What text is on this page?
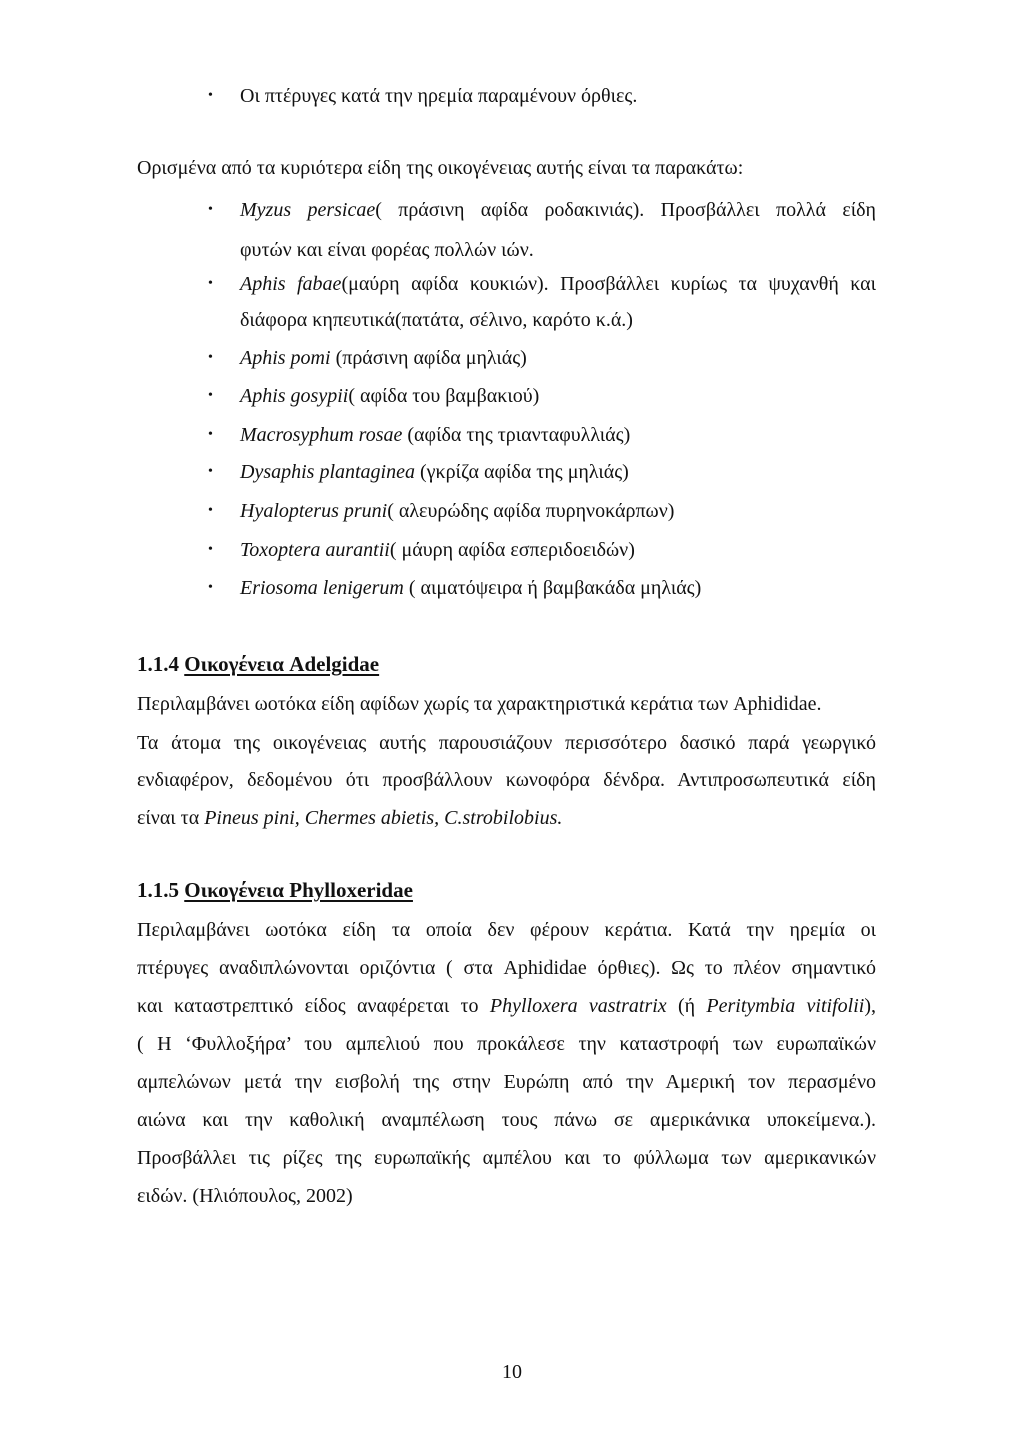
• Οι πτέρυγες κατά την ηρεμία παραμένουν όρθιες.
Ορισμένα από τα κυριότερα είδη της οικογένειας αυτής είναι τα παρακάτω:
• Myzus persicae( πράσινη αφίδα ροδακινιάς). Προσβάλλει πολλά είδη
φυτών και είναι φορέας πολλών ιών.
• Aphis fabae(μαύρη αφίδα κουκιών). Προσβάλλει κυρίως τα ψυχανθή και
διάφορα κηπευτικά(πατάτα, σέλινο, καρότο κ.ά.)
• Aphis pomi (πράσινη αφίδα μηλιάς)
• Aphis gosypii( αφίδα του βαμβακιού)
• Macrosyphum rosae (αφίδα της τριανταφυλλιάς)
• Dysaphis plantaginea (γκρίζα αφίδα της μηλιάς)
• Hyalopterus pruni( αλευρώδης αφίδα πυρηνοκάρπων)
• Toxoptera aurantii( μάυρη αφίδα εσπεριδοειδών)
• Eriosoma lenigerum ( αιματόψειρα ή βαμβακάδα μηλιάς)
1.1.4 Οικογένεια Adelgidae
Περιλαμβάνει ωοτόκα είδη αφίδων χωρίς τα χαρακτηριστικά κεράτια των Aphididae.
Τα άτομα της οικογένειας αυτής παρουσιάζουν περισσότερο δασικό παρά γεωργικό
ενδιαφέρον, δεδομένου ότι προσβάλλουν κωνοφόρα δένδρα. Αντιπροσωπευτικά είδη
είναι τα Pineus pini, Chermes abietis, C.strobilobius.
1.1.5 Οικογένεια Phylloxeridae
Περιλαμβάνει ωοτόκα είδη τα οποία δεν φέρουν κεράτια. Κατά την ηρεμία οι
πτέρυγες αναδιπλώνονται οριζόντια ( στα Aphididae όρθιες). Ως το πλέον σημαντικό
και καταστρεπτικό είδος αναφέρεται το Phylloxera vastratrix (ή Peritymbia vitifolii),
( Η ‘Φυλλοξήρα’ του αμπελιού που προκάλεσε την καταστροφή των ευρωπαϊκών
αμπελώνων μετά την εισβολή της στην Ευρώπη από την Αμερική τον περασμένο
αιώνα και την καθολική αναμπέλωση τους πάνω σε αμερικάνικα υποκείμενα.).
Προσβάλλει τις ρίζες της ευρωπαϊκής αμπέλου και το φύλλωμα των αμερικανικών
ειδών. (Ηλιόπουλος, 2002)
10
